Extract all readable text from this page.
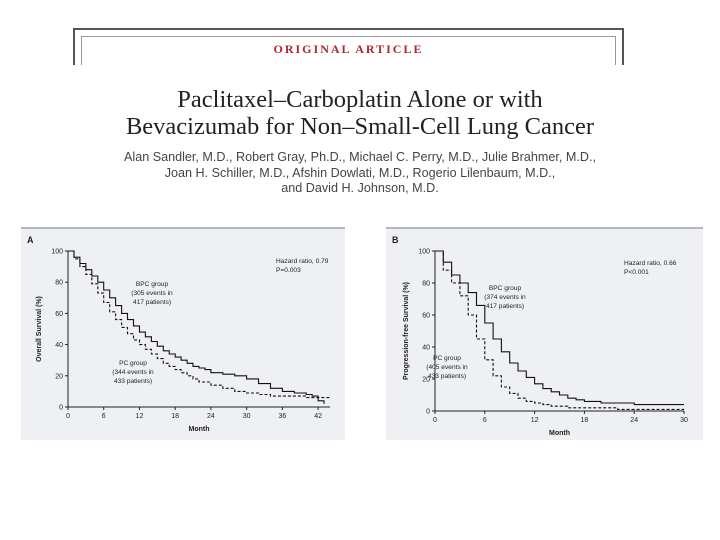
ORIGINAL ARTICLE
Paclitaxel–Carboplatin Alone or with
Bevacizumab for Non–Small-Cell Lung Cancer
Alan Sandler, M.D., Robert Gray, Ph.D., Michael C. Perry, M.D., Julie Brahmer, M.D.,
Joan H. Schiller, M.D., Afshin Dowlati, M.D., Rogerio Lilenbaum, M.D.,
and David H. Johnson, M.D.
A
0
20
40
60
80
100
0	6	12	18	24	30	36	42
Month
Overall Survival (%)
BPC group
(305 events in
417 patients)
PC group
(344 events in
433 patients)
Hazard ratio, 0.79
P=0.003
B
0
20
40
60
80
100
0	6	12	18	24	30
Month
Progression-free Survival (%)	BPC group
(374 events in
417 patients)
PC group
(405 events in
433 patients)
Hazard ratio, 0.66
P<0.001
